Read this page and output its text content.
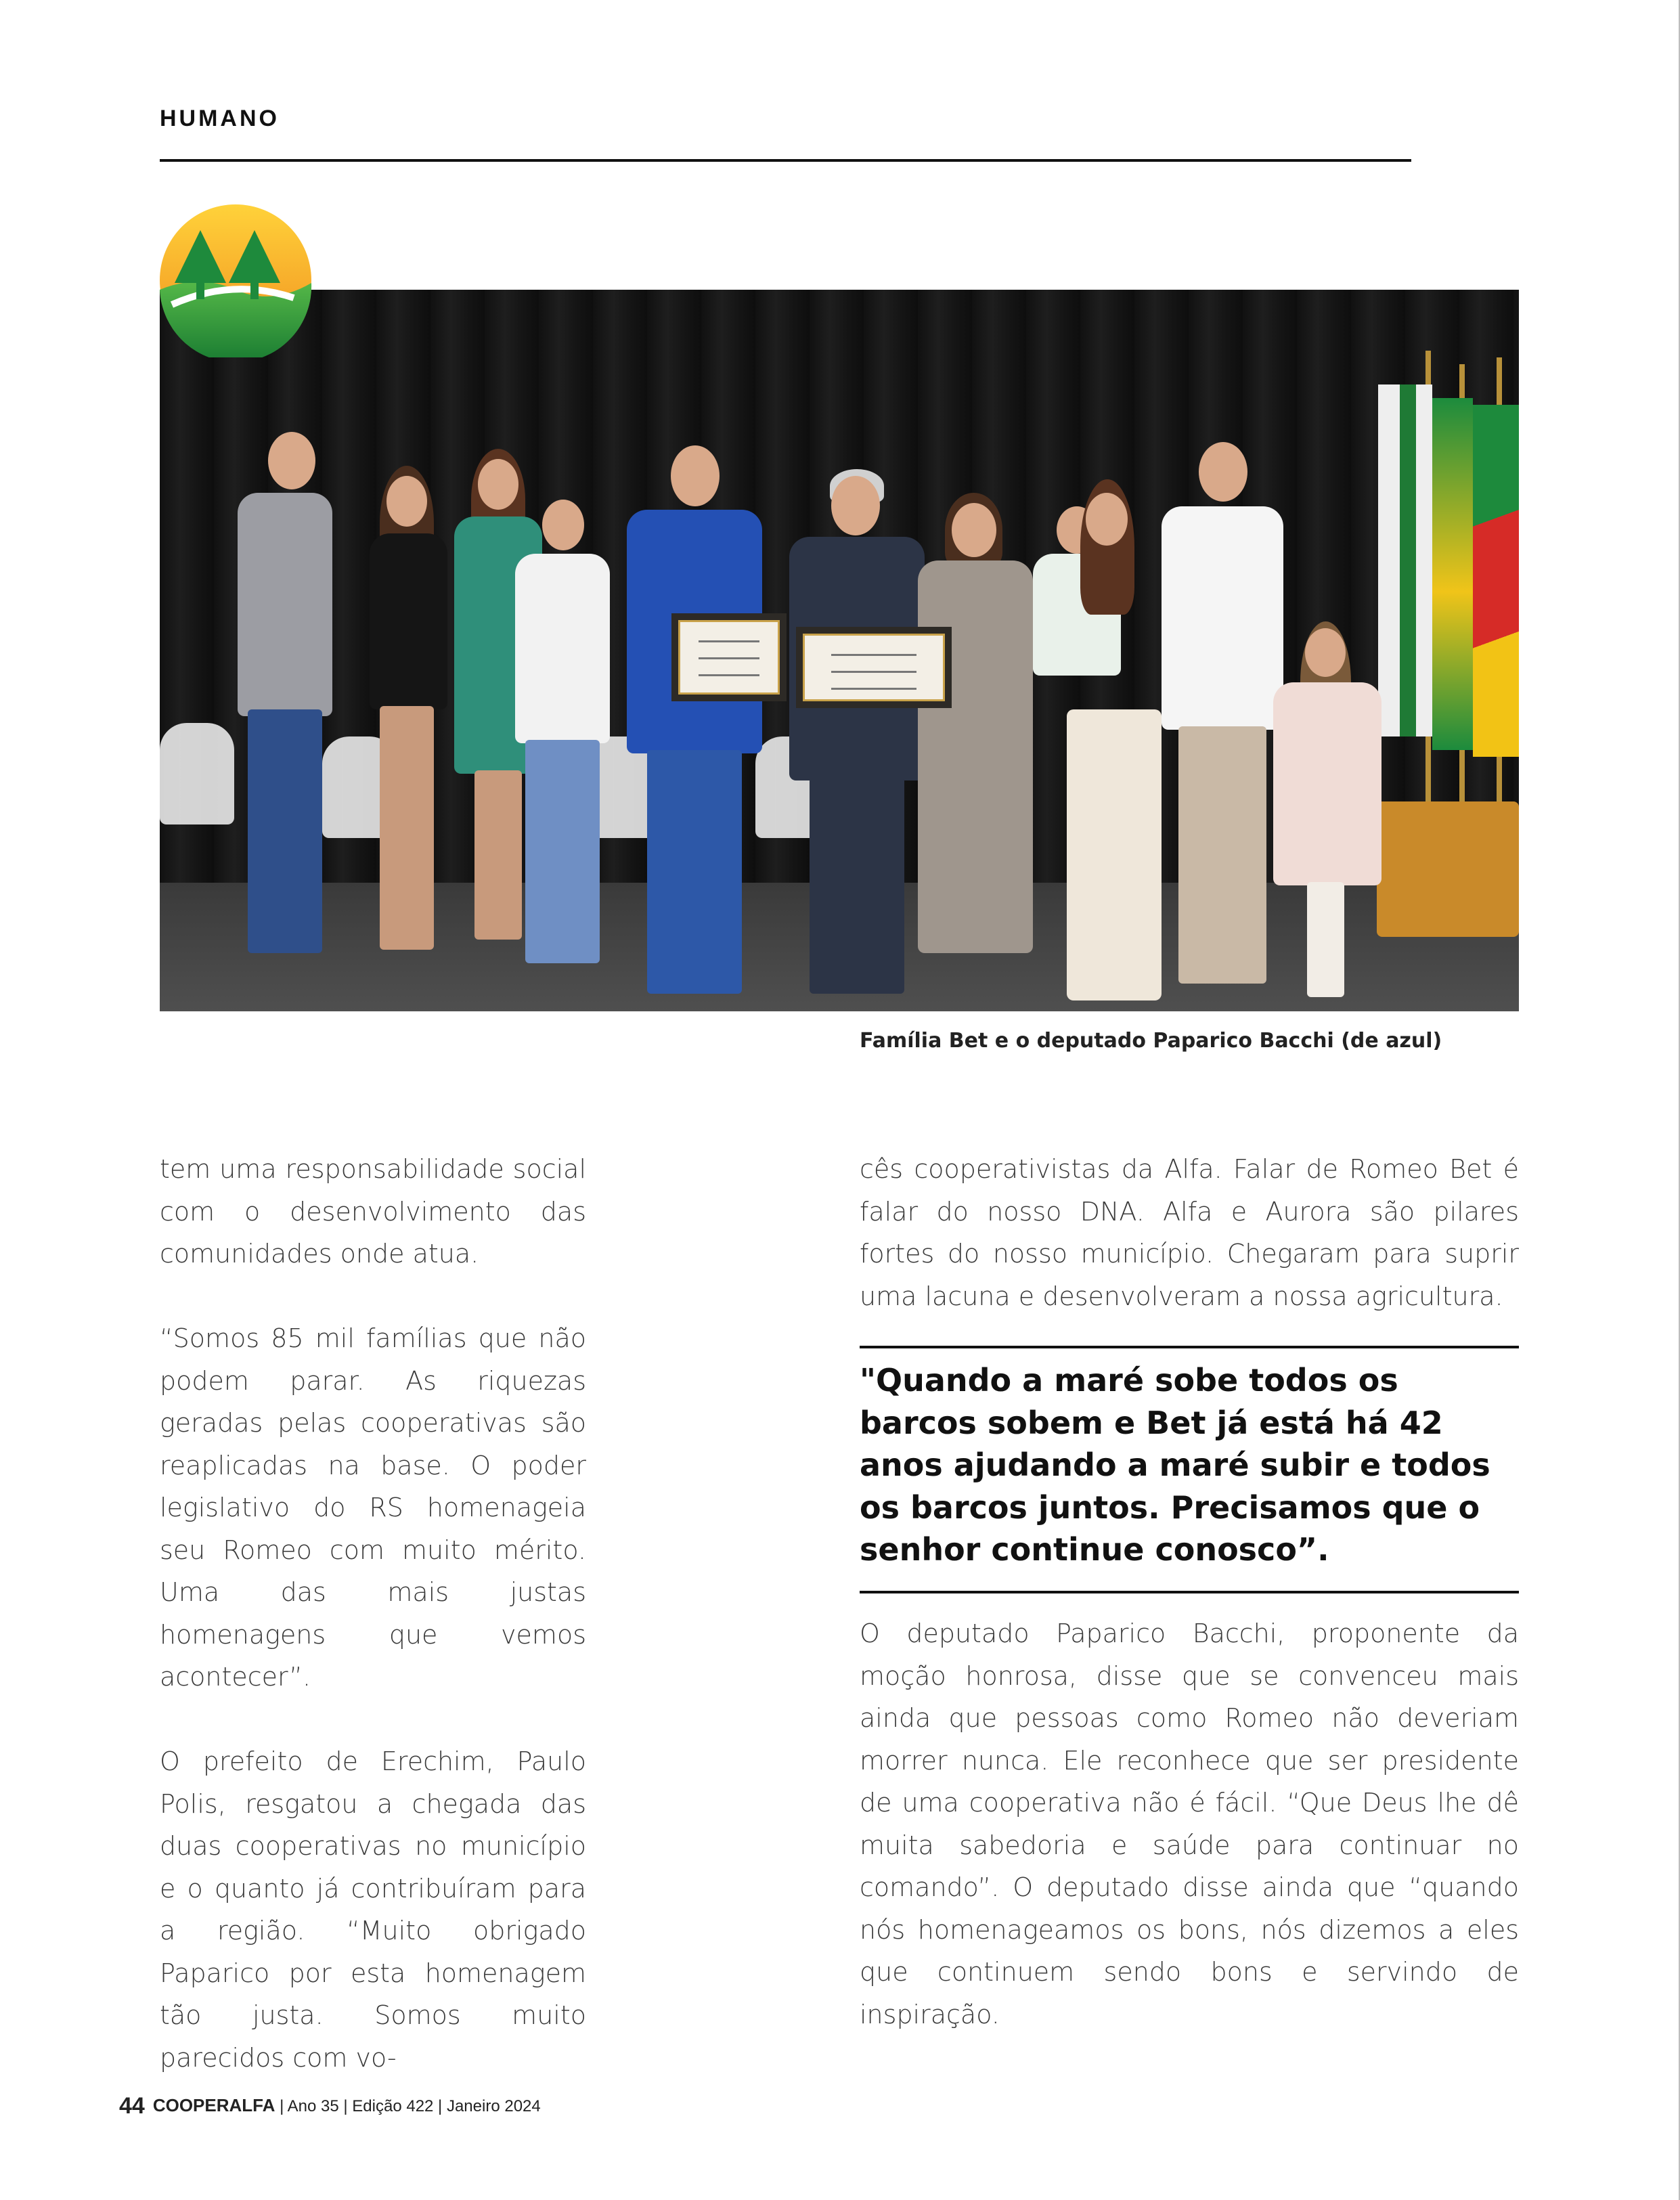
HUMANO
Família Bet e o deputado Paparico Bacchi (de azul)

tem uma responsabilidade social com o desenvolvimento das comunidades onde atua.

“Somos 85 mil famílias que não podem parar. As riquezas geradas pelas cooperativas são reaplicadas na base. O poder legislativo do RS homenageia seu Romeo com muito mérito. Uma das mais justas homenagens que vemos acontecer”.

O prefeito de Erechim, Paulo Polis, resgatou a chegada das duas cooperativas no município e o quanto já contribuíram para a região. “Muito obrigado Paparico por esta homenagem tão justa. Somos muito parecidos com vo-

cês cooperativistas da Alfa. Falar de Romeo Bet é falar do nosso DNA. Alfa e Aurora são pilares fortes do nosso município. Chegaram para suprir uma lacuna e desenvolveram a nossa agricultura.

"Quando a maré sobe todos os barcos sobem e Bet já está há 42 anos ajudando a maré subir e todos os barcos juntos. Precisamos que o senhor continue conosco”.

O deputado Paparico Bacchi, proponente da moção honrosa, disse que se convenceu mais ainda que pessoas como Romeo não deveriam morrer nunca. Ele reconhece que ser presidente de uma cooperativa não é fácil. “Que Deus lhe dê muita sabedoria e saúde para continuar no comando”. O deputado disse ainda que “quando nós homenageamos os bons, nós dizemos a eles que continuem sendo bons e servindo de inspiração.

44 COOPERALFA | Ano 35 | Edição 422 | Janeiro 2024
